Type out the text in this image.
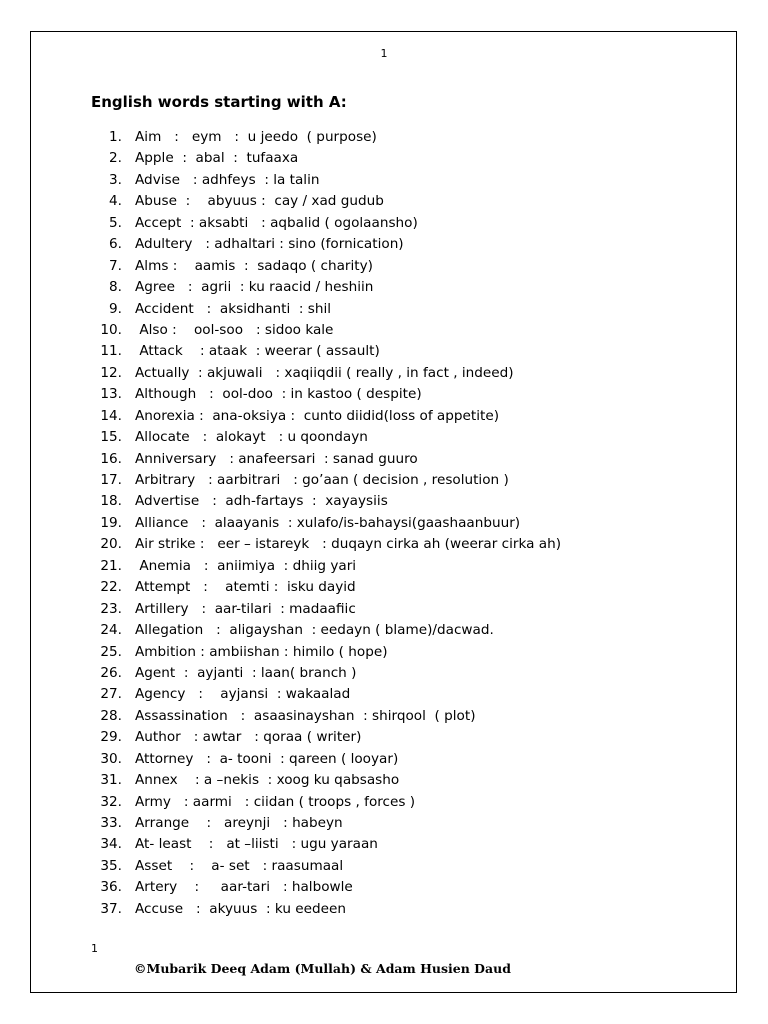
1
English words starting with A:
1. Aim   :   eym   :  u jeedo  ( purpose)
2. Apple  :  abal  :  tufaaxa
3. Advise   : adhfeys  : la talin
4. Abuse  :    abyuus :  cay / xad gudub
5. Accept  : aksabti   : aqbalid ( ogolaansho)
6. Adultery   : adhaltari : sino (fornication)
7. Alms :    aamis  :  sadaqo ( charity)
8. Agree   :  agrii  : ku raacid / heshiin
9. Accident   :  aksidhanti  : shil
10. Also :    ool-soo   : sidoo kale
11. Attack    : ataak  : weerar ( assault)
12. Actually  : akjuwali   : xaqiiqdii ( really , in fact , indeed)
13. Although   :  ool-doo  : in kastoo ( despite)
14. Anorexia :  ana-oksiya :  cunto diidid(loss of appetite)
15. Allocate   :  alokayt   : u qoondayn
16. Anniversary   : anafeersari  : sanad guuro
17. Arbitrary   : aarbitrari   : go’aan ( decision , resolution )
18. Advertise   :  adh-fartays  :  xayaysiis
19. Alliance   :  alaayanis  : xulafo/is-bahaysi(gaashaanbuur)
20. Air strike :   eer – istareyk   : duqayn cirka ah (weerar cirka ah)
21. Anemia   :  aniimiya  : dhiig yari
22. Attempt   :    atemti :  isku dayid
23. Artillery   :  aar-tilari  : madaafiic
24. Allegation   :  aligayshan  : eedayn ( blame)/dacwad.
25. Ambition : ambiishan : himilo ( hope)
26. Agent  :  ayjanti  : laan( branch )
27. Agency   :    ayjansi  : wakaalad
28. Assassination   :  asaasinayshan  : shirqool  ( plot)
29. Author   : awtar   : qoraa ( writer)
30. Attorney   :  a- tooni  : qareen ( looyar)
31. Annex    : a –nekis  : xoog ku qabsasho
32. Army   : aarmi   : ciidan ( troops , forces )
33. Arrange    :   areynji   : habeyn
34. At- least    :   at –liisti   : ugu yaraan
35. Asset    :    a- set   : raasumaal
36. Artery    :     aar-tari   : halbowle
37. Accuse   :  akyuus  : ku eedeen
1
©Mubarik Deeq Adam (Mullah) & Adam Husien Daud
